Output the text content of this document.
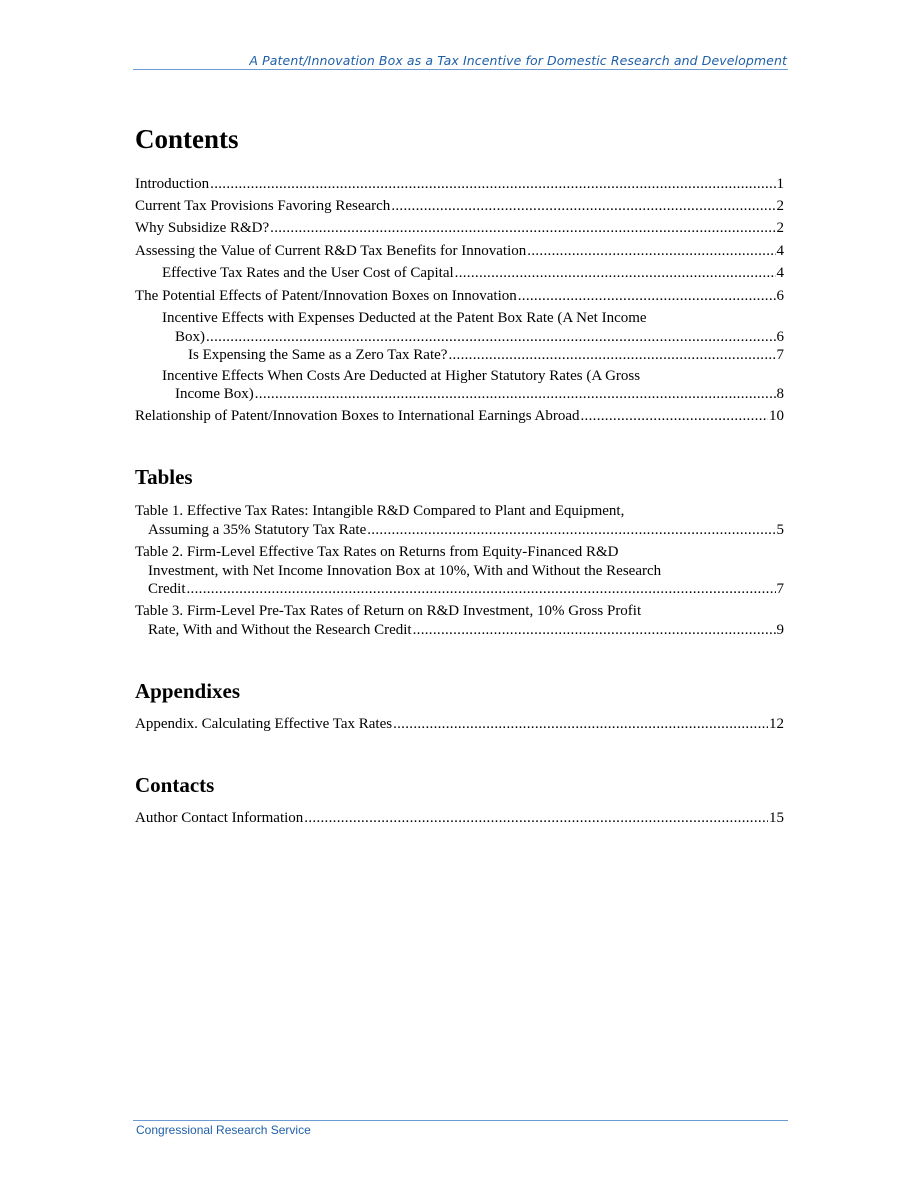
A Patent/Innovation Box as a Tax Incentive for Domestic Research and Development
Contents
Introduction .....	1
Current Tax Provisions Favoring Research .....	2
Why Subsidize R&D? .....	2
Assessing the Value of Current R&D Tax Benefits for Innovation .....	4
Effective Tax Rates and the User Cost of Capital .....	4
The Potential Effects of Patent/Innovation Boxes on Innovation .....	6
Incentive Effects with Expenses Deducted at the Patent Box Rate (A Net Income
Box) .....	6
Is Expensing the Same as a Zero Tax Rate? .....	7
Incentive Effects When Costs Are Deducted at Higher Statutory Rates (A Gross
Income Box) .....	8
Relationship of Patent/Innovation Boxes to International Earnings Abroad .....	10
Tables
Table 1. Effective Tax Rates: Intangible R&D Compared to Plant and Equipment,
Assuming a 35% Statutory Tax Rate .....	5
Table 2. Firm-Level Effective Tax Rates on Returns from Equity-Financed R&D
Investment, with Net Income Innovation Box at 10%, With and Without the Research
Credit .....	7
Table 3. Firm-Level Pre-Tax Rates of Return on R&D Investment, 10% Gross Profit
Rate, With and Without the Research Credit .....	9
Appendixes
Appendix. Calculating Effective Tax Rates .....	12
Contacts
Author Contact Information .....	15
Congressional Research Service
